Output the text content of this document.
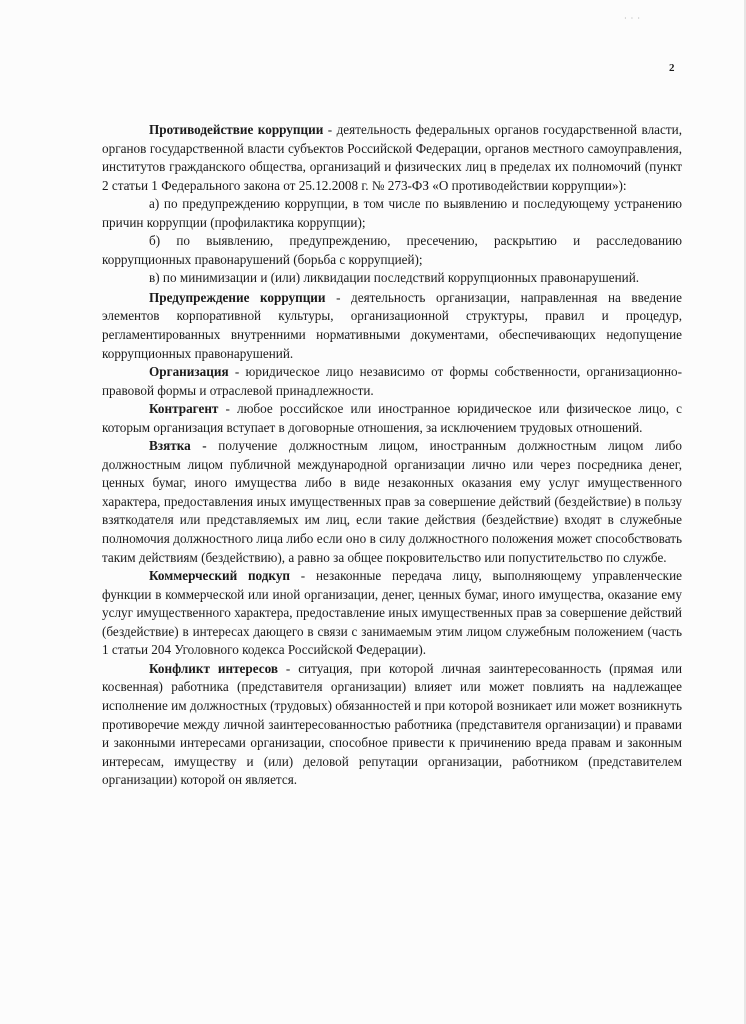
· · ·
2

Противодействие коррупции - деятельность федеральных органов государственной власти, органов государственной власти субъектов Российской Федерации, органов местного самоуправления, институтов гражданского общества, организаций и физических лиц в пределах их полномочий (пункт 2 статьи 1 Федерального закона от 25.12.2008 г. № 273-ФЗ «О противодействии коррупции»):

а) по предупреждению коррупции, в том числе по выявлению и последующему устранению причин коррупции (профилактика коррупции);

б) по выявлению, предупреждению, пресечению, раскрытию и расследованию коррупционных правонарушений (борьба с коррупцией);

в) по минимизации и (или) ликвидации последствий коррупционных правонарушений.

Предупреждение коррупции - деятельность организации, направленная на введение элементов корпоративной культуры, организационной структуры, правил и процедур, регламентированных внутренними нормативными документами, обеспечивающих недопущение коррупционных правонарушений.

Организация - юридическое лицо независимо от формы собственности, организационно-правовой формы и отраслевой принадлежности.

Контрагент - любое российское или иностранное юридическое или физическое лицо, с которым организация вступает в договорные отношения, за исключением трудовых отношений.

Взятка - получение должностным лицом, иностранным должностным лицом либо должностным лицом публичной международной организации лично или через посредника денег, ценных бумаг, иного имущества либо в виде незаконных оказания ему услуг имущественного характера, предоставления иных имущественных прав за совершение действий (бездействие) в пользу взяткодателя или представляемых им лиц, если такие действия (бездействие) входят в служебные полномочия должностного лица либо если оно в силу должностного положения может способствовать таким действиям (бездействию), а равно за общее покровительство или попустительство по службе.

Коммерческий подкуп - незаконные передача лицу, выполняющему управленческие функции в коммерческой или иной организации, денег, ценных бумаг, иного имущества, оказание ему услуг имущественного характера, предоставление иных имущественных прав за совершение действий (бездействие) в интересах дающего в связи с занимаемым этим лицом служебным положением (часть 1 статьи 204 Уголовного кодекса Российской Федерации).

Конфликт интересов - ситуация, при которой личная заинтересованность (прямая или косвенная) работника (представителя организации) влияет или может повлиять на надлежащее исполнение им должностных (трудовых) обязанностей и при которой возникает или может возникнуть противоречие между личной заинтересованностью работника (представителя организации) и правами и законными интересами организации, способное привести к причинению вреда правам и законным интересам, имуществу и (или) деловой репутации организации, работником (представителем организации) которой он является.
